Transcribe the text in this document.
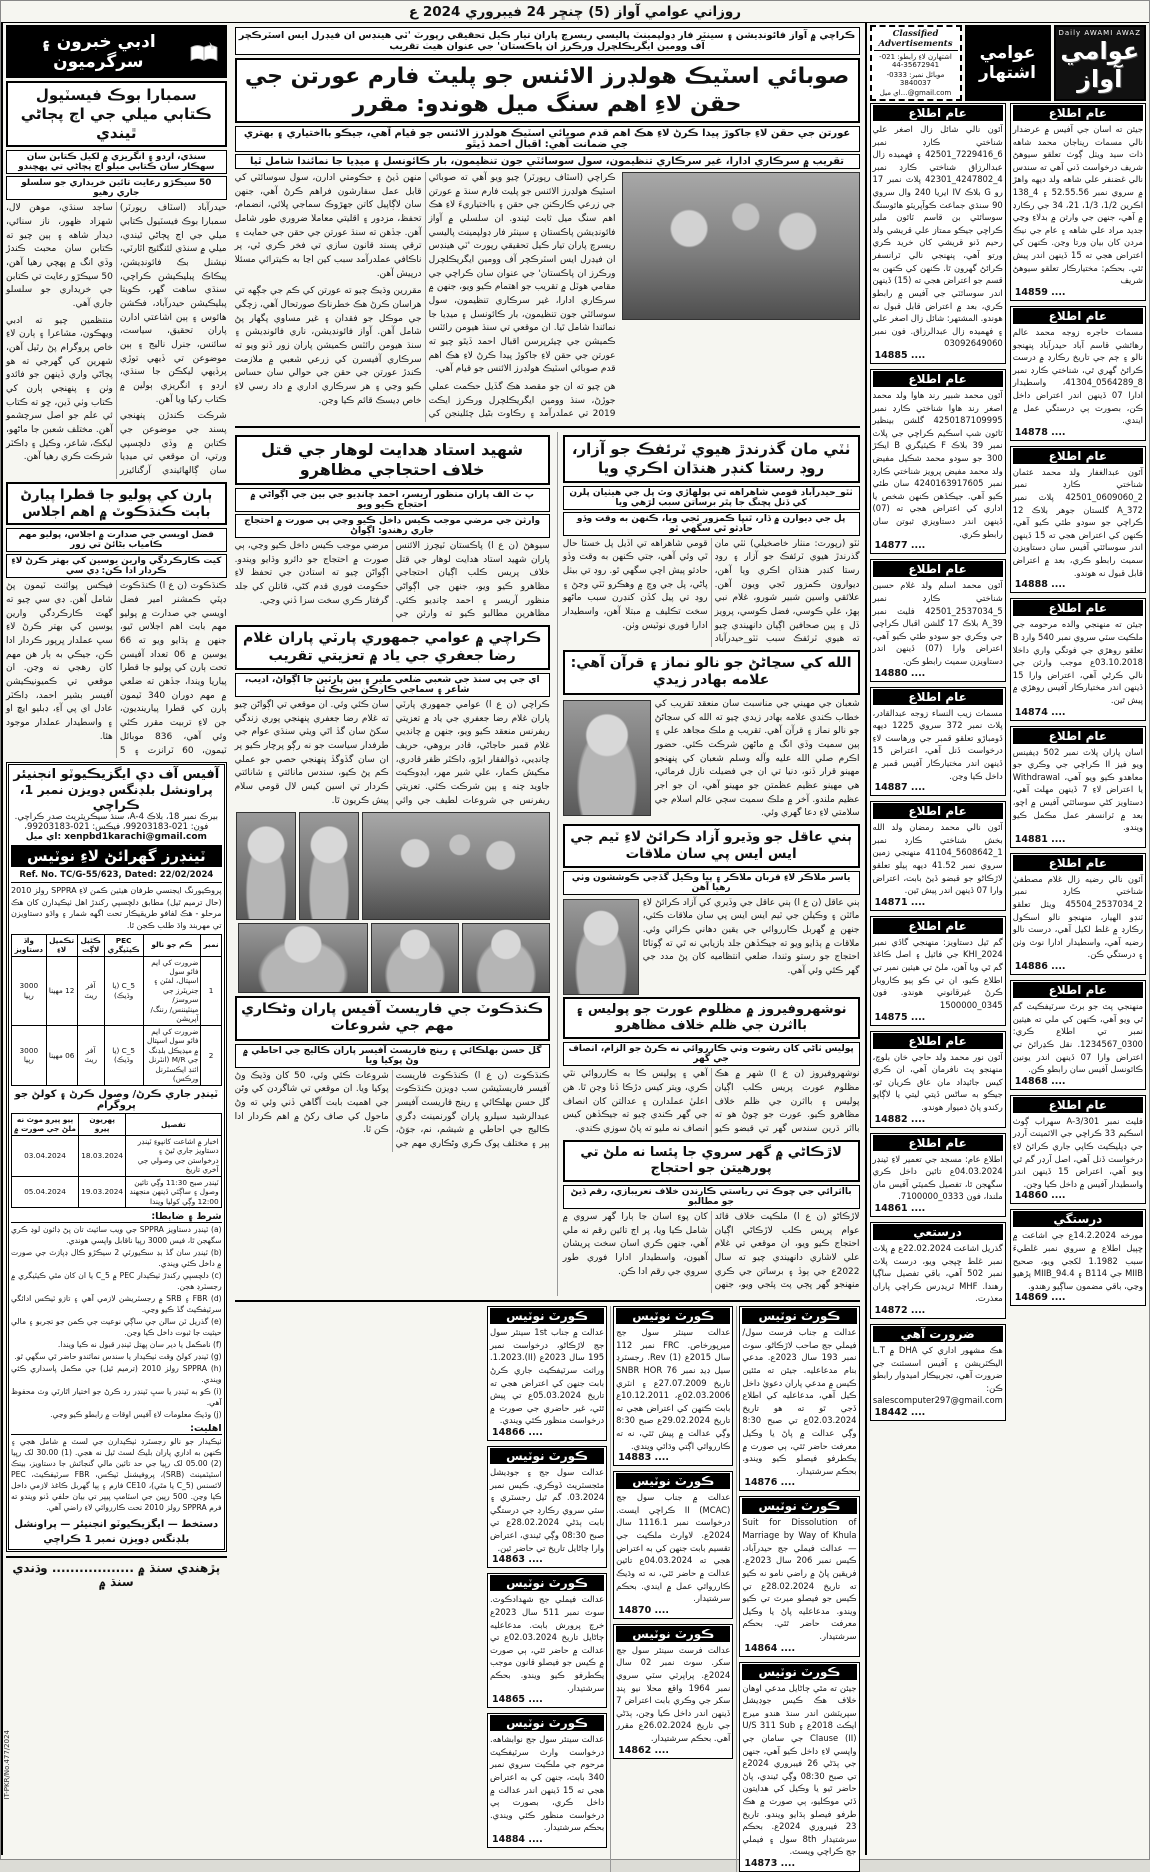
روزاني عوامي آواز (5) چنڇر 24 فيبروري 2024 ع
Daily AWAMI AWAZ
عوامي آواز
عوامي اشتهار
Classified Advertisements
اشتهارن لاءِ رابطو: 021-35672941-44
موبائل نمبر: 0333-3840037
gmail.com@…اي ميل
عام اطلاع
جيئن ته اسان جي آفيس ۾ عرضدار نالي مسمات ريناجان محمد شاهه ذات سيد ويٺل ڳوٺ تعلقو سيوهڻ شريف درخواست ڏني آهي ته سندس نالي غضنفر علي شاهه ولد ديهه واهڙ ۾ سروي نمبر 52.55.56 ۽ 4_138 اڪرين 1/2، 1/3، 21، 34 جي رڪارڊ ۾ آهي، جنهن جي وارثن ۾ بدلاءِ وڃي جديد مراد علي شاهه ۽ عام جي نيڪ مردن کان بيان ورتا وڃن. ڪنهن کي اعتراض هجي ته 15 ڏينهن اندر پيش ٿئي. بحڪم: مختيارڪار تعلقو سيوهڻ شريف
14859 ....
عام اطلاع
مسمات حاجره زوجه محمد عالم رهائشي قاسم آباد حيدرآباد پنهنجو نالو ۽ ڄم جي تاريخ رڪارڊ ۾ درست ڪرائڻ گهري ٿي، شناختي ڪارڊ نمبر 8_0564289_41304، واسطيدار ادارا 07 ڏينهن اندر اعتراض داخل ڪن، بصورت ٻي درستگي عمل ۾ ايندي.
14878 ....
عام اطلاع
آئون عبدالغفار ولد محمد عثمان شناختي ڪارڊ نمبر 2_0609060_42501 پلاٽ نمبر A_372 گلستان جوهر بلاڪ 12 ڪراچي جو سودو طئي ڪيو آهي، ڪنهن کي اعتراض هجي ته 15 ڏينهن اندر سوسائٽي آفيس سان دستاويزن سميت رابطو ڪري، بعد ۾ اعتراض قابل قبول نه هوندو.
14888 ....
عام اطلاع
جيئن ته منهنجي والده مرحومه جي ملڪيت سٽي سروي نمبر 540 وارڊ B تعلقو روهڙي جي فوتگي واري داخلا 03.10.2018ع موجب وارثن جي نالي ڪرڻي آهي، اعتراض وارا 15 ڏينهن اندر مختيارڪار آفيس روهڙي ۾ پيش ٿين.
14874 ....
عام اطلاع
اسان پاران پلاٽ نمبر 502 ڊيفينس ويو فيز II ڪراچي جي وڪري جو معاهدو ڪيو ويو آهي، Withdrawal يا اعتراض لاءِ 7 ڏينهن مهلت آهي، دستاويز کڻي سوسائٽي آفيس ۾ اچو، بعد ۾ ٽرانسفر عمل مڪمل ڪيو ويندو.
14881 ....
عام اطلاع
آئون نالي رضيه زال غلام مصطفيٰ شناختي ڪارڊ نمبر 2_2537034_45504 ويٺل تعلقو ٽنڊو الهيار، منهنجو نالو اسڪول رڪارڊ ۾ غلط لکيل آهي، درست نالو رضيه آهي، واسطيدار ادارا نوٽ وٺن ۽ درستگي ڪن.
14886 ....
عام اطلاع
منهنجي پٽ جو برٿ سرٽيفڪيٽ گم ٿي ويو آهي، ڪنهن کي ملي ته هيٺين نمبر تي اطلاع ڪري: 0300_1234567. نقل ڪڍرائڻ تي اعتراض وارا 07 ڏينهن اندر يونين ڪائونسل آفيس سان رابطو ڪن.
14868 ....
عام اطلاع
فليٽ نمبر 301/A-3 سهراب ڳوٺ اسڪيم 33 ڪراچي جي الاٽمينٽ آرڊر جي ڊپليڪيٽ ڪاپي جاري ڪرائڻ لاءِ درخواست ڏنل آهي، اصل آرڊر گم ٿي ويو آهي، اعتراض 15 ڏينهن اندر واسطيدار آفيس ۾ داخل ڪيا وڃن.
14860 ....
درستگي
مورخه 14.2.2024ع جي اشاعت ۾ ڇپيل اطلاع ۾ سروي نمبر غلطيءَ سبب 1.1982 لکجي ويو، صحيح MIIB جي B114 ۽ MIIB_94.4 پڙهيو وڃي، باقي مضمون ساڳيو رهندو.
14869 ....
عام اطلاع
آئون نالي شائل زال اصغر علي شناختي ڪارڊ نمبر 6_7229416_42501 ۽ فهميده زال عبدالرزاق شناختي ڪارڊ نمبر 4_4247802_42301 پلاٽ نمبر 17 رو G بلاڪ IV ايريا 240 وال سروي 90 سنڌي جماعت ڪوآپريٽو هائوسنگ سوسائٽي بن قاسم ٽائون ملير ڪراچي جيڪو ممتاز علي قريشي ولد رحيم ڏنو قريشي کان خريد ڪري ورتو آهي، پنهنجي نالي ٽرانسفر ڪرائڻ گهرون ٿا. ڪنهن کي ڪنهن به قسم جو اعتراض هجي ته (15) ڏينهن اندر سوسائٽي جي آفيس ۾ رابطو ڪري، بعد ۾ اعتراض قابل قبول نه هوندو. المشتهر: شائل زال اصغر علي ۽ فهميده زال عبدالرزاق. فون نمبر 03092649060
14885 ....
عام اطلاع
آئون محمد شبير رند هاوا ولد محمد اصغر رند هاوا شناختي ڪارڊ نمبر 4250187109995 گلشن بينظير ٽائون شپ اسڪيم ڪراچي جي پلاٽ نمبر 39 بلاڪ F ڪيٽيگري B ايڪڙ 300 جو سودو محمد شڪيل مفيض ولد محمد مفيض پرويز شناختي ڪارڊ نمبر 4240163917605 سان طئي ڪيو آهي. جيڪڏهن ڪنهن شخص يا اداري کي اعتراض هجي ته (07) ڏينهن اندر دستاويزي ثبوتن سان رابطو ڪري.
14877 ....
عام اطلاع
آئون محمد اسلم ولد غلام حسين شناختي ڪارڊ نمبر 5_2537034_42501 فليٽ نمبر A_39 بلاڪ 17 گلشن اقبال ڪراچي جي وڪري جو سودو طئي ڪيو آهي، اعتراض وارا (07) ڏينهن اندر دستاويزن سميت رابطو ڪن.
14880 ....
عام اطلاع
مسمات زيب النساء زوجه عبدالقادر، پلاٽ نمبر 372 سروي 1225 ديهه ڏومباڙو تعلقو قمبر جي ورهاست لاءِ درخواست ڏنل آهي، اعتراض 15 ڏينهن اندر مختيارڪار آفيس قمبر ۾ داخل ڪيا وڃن.
14887 ....
عام اطلاع
آئون نالي محمد رمضان ولد الله بخش شناختي ڪارڊ نمبر 1_5608642_41104 منهنجي زمين سروي نمبر 41.52 ديهه ٻيلو تعلقو لاڙڪاڻو جو قبضو ڏيڻ بابت، اعتراض وارا 07 ڏينهن اندر پيش ٿين.
14871 ....
عام اطلاع
گم ٿيل دستاويز: منهنجي گاڏي نمبر KHI_2024 جي فائيل ۽ اصل ڪاغذ گم ٿي ويا آهن، ملڻ تي هيٺين نمبر تي اطلاع ڪيو، ان تي ڪو ٻيو ڪاروبار ڪرڻ غيرقانوني هوندو. فون 0345_1500000
14875 ....
عام اطلاع
آئون نور محمد ولد حاجي خان بلوچ، منهنجو پٽ نافرمان آهي، ان ڪري کيس جائيداد مان عاق ڪريان ٿو، جيڪو به ساڻس ڏيتي ليتي يا لاڳاپو رکندو پاڻ ذميوار هوندو.
14882 ....
عام اطلاع
اطلاع عام: مسجد جي تعمير لاءِ ٽينڊر 04.03.2024ع تائين داخل ڪري سگهجن ٿا، تفصيل ڪميٽي آفيس مان ملندا، فون 0333_7100000.
14861 ....
درستعي
گذريل اشاعت 22.02.2024ع ۾ پلاٽ نمبر غلط ڇپجي ويو، درست پلاٽ نمبر 502 آهي، باقي تفصيل ساڳيا رهندا. MHF ٽريڊرس ڪراچي پاران معذرت.
14872 ....
ضرورت آهي
هڪ مشهور اداري کي DHA ۾ L.T اليڪٽريشن ۽ آفيس اسسٽنٽ جي ضرورت آهي، تجربيڪار اميدوار رابطو ڪن: salescomputer297@gmail.com
18442 ....
ڪراچي ۾ آواز فائونڊيشن ۽ سينٽر فار ڊولپمينٽ پاليسي ريسرچ پاران تيار ڪيل تحقيقي رپورٽ 'ٽي هينڊس ان فيڊرل ايس اسٽرڪچر آف وومين ايگريڪلچرل ورڪرز ان پاڪستان' جي عنوان هيٺ تقريب
صوبائي اسٽيڪ هولڊرز الائنس جو پليٽ فارم عورتن جي حقن لاءِ اهم سنگ ميل هوندو: مقرر
عورتن جي حقن لاءِ جاکوڙ پيدا ڪرڻ لاءِ هڪ اهم قدم صوبائي اسٽيڪ هولڊرز الائنس جو قيام آهي، جيڪو بااختياري ۽ بهتري جي ضمانت آهي: اقبال احمد ڏيٿو
تقريب ۾ سرڪاري ادارا، غير سرڪاري تنظيمون، سول سوسائٽي جون تنظيمون، بار ڪائونسل ۽ ميڊيا جا نمائندا شامل ٿيا

ڪراچي (اسٽاف رپورٽر) چيو ويو آهي ته صوبائي اسٽيڪ هولڊرز الائنس جو پليٽ فارم سنڌ ۾ عورتن جي زرعي ڪارڪنن جي حقن ۽ بااختياريءَ لاءِ هڪ اهم سنگ ميل ثابت ٿيندو. ان سلسلي ۾ آواز فائونڊيشن پاڪستان ۽ سينٽر فار ڊولپمينٽ پاليسي ريسرچ پاران تيار ڪيل تحقيقي رپورٽ 'ٽي هينڊس ان فيڊرل ايس اسٽرڪچر آف وومين ايگريڪلچرل ورڪرز ان پاڪستان' جي عنوان سان ڪراچي جي مقامي هوٽل ۾ تقريب جو اهتمام ڪيو ويو، جنهن ۾ سرڪاري ادارا، غير سرڪاري تنظيمون، سول سوسائٽي جون تنظيمون، بار ڪائونسل ۽ ميڊيا جا نمائندا شامل ٿيا. ان موقعي تي سنڌ هيومن رائٽس ڪميشن جي چيئرپرسن اقبال احمد ڏيٿو چيو ته عورتن جي حقن لاءِ جاکوڙ پيدا ڪرڻ لاءِ هڪ اهم قدم صوبائي اسٽيڪ هولڊرز الائنس جو قيام آهي.

هن چيو ته ان جو مقصد هڪ گڏيل حڪمت عملي جوڙڻ، سنڌ وومين ايگريڪلچرل ورڪرز ايڪٽ 2019 تي عملدرآمد ۽ رڪاوٽ بڻيل چئلينجن کي منهن ڏيڻ ۽ حڪومتي ادارن، سول سوسائٽي کي قابل عمل سفارشون فراهم ڪرڻ آهي، جنهن سان لاڳاپيل کاتن جهڙوڪ سماجي ڀلائي، انضمام، تحفظ، مزدور ۽ اقليتي معاملا ضروري طور شامل آهن. جڏهن ته سنڌ عورتن جي حقن جي حمايت ۽ ترقي پسند قانون سازي تي فخر ڪري ٿي، پر ناڪافي عملدرآمد سبب کين اڃا به ڪيترائي مسئلا درپيش آهن.

مقررين وڌيڪ چيو ته عورتن کي ڪم جي جڳهه تي هراسان ڪرڻ هڪ خطرناڪ صورتحال آهي، زچگي جي موڪل جو فقدان ۽ غير مساوي پگهار پڻ شامل آهن. آواز فائونڊيشن، ناري فائونڊيشن ۽ سنڌ هيومن رائٽس ڪميشن پاران زور ڏنو ويو ته سرڪاري آفيسرن کي زرعي شعبي ۾ ملازمت ڪندڙ عورتن جي حقن جي حوالي سان حساس ڪيو وڃي ۽ هر سرڪاري اداري ۾ داد رسي لاءِ خاص ڊيسڪ قائم ڪيا وڃن.

ٺٽي مان گذرندڙ هيوي ٽرئفڪ جو آزار، روڊ رستا کنڊر هنڌان اڪري ويا
ٺٽو_حيدرآباد قومي شاهراهه تي ٻولهاڙي وٽ پل جي هيٺيان پلرن کي ڏنل پچنگ جا پٿر برساتن سبب لڙهي ويا
پل جي ديوارن ۾ ڏار، ٿنڀا ڪمزور ٿجي ويا، ڪنهن به وقت وڏو حادثو ٿي سگهي ٿو
ٺٽو (رپورٽ: منٺار خاصخيلي) ٺٽي مان گذرندڙ هيوي ٽرئفڪ جو آزار ۽ روڊ رستا کنڊر هنڌان اڪري ويا آهن، ديوارون ڪمزور ٿجي ويون آهن. علائقي واسين شبير شورو، غلام نبي ٻهڙ، علي ڪوسي، فضل ڪوسي، پرويز ڏل ۽ ٻين صحافين اڳيان دانهيندي چيو ته هيوي ٽرئفڪ سبب ٺٽو_حيدرآباد قومي شاهراهه تي اڏيل پل خستا حال ٿي وئي آهي، جتي ڪنهن به وقت وڏو حادثو پيش اچي سگهي ٿو. روڊ تي بيٺل پاڻي، پل جي وچ ۾ وهڪرو ٽٽي وڃڻ ۽ روڊ تي پيل کڏن کنڊرن سبب ماڻهو سخت تڪليف ۾ مبتلا آهن، واسطيدار ادارا فوري نوٽيس وٺن.
الله کي سڃاڻڻ جو نالو نماز ۽ قرآن آهي: علامه بهادر زيدي
شعبان جي مهيني جي مناسبت سان منعقد تقريب کي خطاب ڪندي علامه بهادر زيدي چيو ته الله کي سڃاڻڻ جو نالو نماز ۽ قرآن آهي. تقريب ۾ ملڪ مجاهد علي ۽ ٻين سميت وڏي انگ ۾ ماڻهن شرڪت ڪئي. حضور اڪرم صلي الله عليه وآله وسلم شعبان کي پنهنجو مهينو قرار ڏنو، دنيا تي ان جي فضيلت نازل فرمائي، هي مهينو عظيم عظمتن جو مهينو آهي، ان جو اجر عظيم ملندو. آخر ۾ ملڪ سميت سڄي عالم اسلام جي سلامتي لاءِ دعا گهري وئي.
ٻني عاقل جو وڏيرو آزاد ڪرائڻ لاءِ ٽيم جي ايس ايس پي سان ملاقات
ياسر ملاڪر لاءِ قربان ملاڪر ۽ ٻيا وڪيل گڏجي ڪوششون وٺي رهيا آهن
ٻني عاقل (ن ع ا) ٻني عاقل جي وڏيري کي آزاد ڪرائڻ لاءِ مائٽن ۽ وڪيلن جي ٽيم ايس ايس پي سان ملاقات ڪئي، جنهن ۾ گهربل ڪارروائي جي يقين دهاني ڪرائي وئي. ملاقات ۾ ٻڌايو ويو ته جيڪڏهن جلد بازيابي نه ٿي ته ڳوٺاڻا احتجاج جو رستو وٺندا، ضلعي انتظاميه کان پڻ مدد جي گهر ڪئي وئي آهي.
نوشهروفيروز ۾ مظلوم عورت جو پوليس ۽ بااثرن جي ظلم خلاف مظاهرو
پوليس ٺاڻي کان رشوت وٺي ڪارروائي نه ڪرڻ جو الزام، انصاف جي گهر
نوشهروفيروز (ن ع ا) شهر ۾ هڪ مظلوم عورت پريس ڪلب اڳيان پوليس ۽ بااثرن جي ظلم خلاف مظاهرو ڪيو. عورت جو چوڻ هو ته بااثر ڌرين سندس گهر تي قبضو ڪيو آهي ۽ پوليس ڪا به ڪارروائي نٿي ڪري، ويتر کيس دڙڪا ڏنا وڃن ٿا. هن اعليٰ عملدارن ۽ عدالتن کان انصاف جي گهر ڪندي چيو ته جيڪڏهن کيس انصاف نه مليو ته پاڻ سوزي ڪندي.
لاڙڪاڻي ۾ گهر سروي جا پئسا نه ملڻ تي پورهيتن جو احتجاج
بااثرائي جي چوڪ تي رياستي ڪارندن خلاف نعريبازي، رقم ڏيڻ جو مطالبو
لاڙڪاڻو (ن ع ا) ملڪيت خلاف قائد عوام پريس ڪلب لاڙڪاڻي اڳيان احتجاج ڪيو ويو، ان موقعي تي غلام علي لاشاري دانهيندي چيو ته سال 2022ع جي ٻوڏ ۽ برساتن جي ڪري منهنجو گهر ڀڄي پٽ پئجي ويو، جنهن کان پوءِ اسان جا ٻارا گهر سروي ۾ شامل ڪيا ويا، پر اڄ تائين رقم نه ملي آهي، جنهن ڪري اسان سخت پريشان آهيون، واسطيدار ادارا فوري طور سروي جي رقم ادا ڪن.
شهيد استاد هدايت لوهار جي قتل خلاف احتجاجي مظاهرو
پ ٽ الف پاران منظور آريسر، احمد چانڊيو جي بين جي اڳواڻي ۾ احتجاج ڪيو ويو
وارثن جي مرضي موجب ڪيس داخل ڪيو وڃي ٻي صورت ۾ احتجاج جاري رهندو: اڳواڻ
سيوهڻ (ن ع ا) پاڪستان ٽيچرز الائنس پاران شهيد استاد هدايت لوهار جي قتل خلاف پريس ڪلب اڳيان احتجاجي مظاهرو ڪيو ويو، جنهن جي اڳواڻي منظور آريسر ۽ احمد چانڊيو ڪئي. مظاهرين مطالبو ڪيو ته وارثن جي مرضي موجب ڪيس داخل ڪيو وڃي، ٻي صورت ۾ احتجاج جو دائرو وڌايو ويندو. اڳواڻن چيو ته استادن جي تحفظ لاءِ حڪومت فوري قدم کڻي، قاتلن کي جلد گرفتار ڪري سخت سزا ڏني وڃي.
ڪراچي ۾ عوامي جمهوري پارٽي پاران غلام رضا جعفري جي ياد ۾ تعزيتي تقريب
اي جي پي سنڌ جي شعبي ضلعي ملير ۽ ٻين پارٽين جا اڳواڻ، اديب، شاعر ۽ سماجي ڪارڪن شريڪ ٿيا
ڪراچي (ن ع ا) عوامي جمهوري پارٽي پاران غلام رضا جعفري جي ياد ۾ تعزيتي ريفرنس منعقد ڪيو ويو، جنهن ۾ چانڊيي غلام قمبر حاجاڻي، قادر بروهي، حريف چانڊيي، ذوالفقار ابڙو، ڊاڪٽر ظفر قادري، مڪيش ڪمار، علي شير مهر، ايڊوڪيٽ جاويد چنه ۽ ٻين شرڪت ڪئي. تعزيتي ريفرنس جي شروعات لطيف جي وائي سان ڪئي وئي. ان موقعي تي اڳواڻن چيو ته غلام رضا جعفري پنهنجي پوري زندگي سکڻ سان گڏ اٿي ويٺي سنڌي عوام جي طرفدار سياست جو نه رڳو پرچار ڪيو پر ان سان گڏوگڏ پنهنجي حصي جو عملي ڪم پڻ ڪيو، سندس مانائتي ۽ شانائتي ڪردار تي اسين کيس لال قومي سلام پيش ڪريون ٿا.
ڪنڌڪوٽ جي فاريسٽ آفيس پاران وڻڪاري مهم جي شروعات
گل حسن بهلڪائي ۽ رينج فاريسٽ آفيسر پاران ڪاليج جي احاطي ۾ وڻ پوکيا ويا
ڪنڌڪوٽ (ن ع ا) ڪنڌڪوٽ فاريسٽ آفيسر فاريسٽيشن سب ڊويزن ڪنڌڪوٽ گل حسن بهلڪائي ۽ رينج فاريسٽ آفيسر عبدالرشيد سيلرو پاران گورنمينٽ ڊگري ڪاليج جي احاطي ۾ شيشم، نم، جوَڻ، ٻٻر ۽ مختلف پوک ڪري وڻڪاري مهم جي شروعات ڪئي وئي، 50 کان وڌيڪ وڻ پوکيا ويا. ان موقعي تي شاگردن کي وڻن جي اهميت بابت آگاهي ڏني وئي ته وڻ ماحول کي صاف رکڻ ۾ اهم ڪردار ادا ڪن ٿا.
ڪورٽ نوٽيس
عدالت ۾ جناب فرسٽ سول/ فيملي جج صاحب لاڙڪاڻو. سوٽ نمبر 193 سال 2023ع. مدعي بنام مدعاعليه. جيئن ته مٿئين ڪيس ۾ مدعي پاران دعويٰ داخل ڪيل آهي، مدعاعليه کي اطلاع ڏجي ٿو ته هو تاريخ 02.03.2024ع تي صبح 8:30 وڳي عدالت ۾ پاڻ يا وڪيل معرفت حاضر ٿئي، ٻي صورت ۾ يڪطرفو فيصلو ڪيو ويندو. بحڪم سرشتيدار.
14876 ....
ڪورٽ نوٽيس
Suit for Dissolution of Marriage by Way of Khula — عدالت فيملي جج حيدرآباد، ڪيس نمبر 206 سال 2023ع. فريقين پاڻ ۾ راضي نامو نه ڪيو ته تاريخ 28.02.2024ع تي ڪيس جو فيصلو ميرٽ تي ڪيو ويندو. مدعاعليه پاڻ يا وڪيل معرفت حاضر ٿئي. بحڪم سرشتيدار.
14864 ....
ڪورٽ نوٽيس
جيئن ته مٿي ڄاڻايل مدعي اوهان خلاف هڪ ڪيس جوڊيشل سپريٽشن اندر سنڌ هندو ميرج ايڪٽ 2018ع ۽ U/S 311 Sub Clause (II) جي سامان جي واپسي لاءِ داخل ڪيو آهي، جنهن جي ٻڌڻي 26 فيبروري 2024ع تي صبح 08:30 وڳي ٿيندي، پاڻ حاضر ٿيو يا وڪيل کي هدايتون ڏئي موڪليو، ٻي صورت ۾ هڪ طرفو فيصلو ٻڌايو ويندو. تاريخ 23 فيبروري 2024ع. بحڪم سرشتيدار 8th سول ۽ فيملي جج ڪراچي ويسٽ.
14873 ....
ڪورٽ نوٽيس
عدالت سينئر سول جج ميرپورخاص. FRC نمبر 112 سال 2015ع Rev (1). رجسٽرڊ سيل ڊيڊ نمبر SNBR HOR 76 تاريخ 27.07.2009ع ۽ انٽري 02.03.2006ع، 10.12.2011ع بابت ڪنهن کي اعتراض هجي ته تاريخ 29.02.2024ع صبح 8:30 وڳي عدالت ۾ پيش ٿئي، نه ته ڪارروائي اڳتي وڌائي ويندي.
14883 ....
ڪورٽ نوٽيس
عدالت ۾ جناب سول جج (MCAC) II ڪراچي ايسٽ. درخواست نمبر 1116.1 سال 2024ع. لاوارث ملڪيت جي تقسيم بابت جنهن کي به اعتراض هجي ته 04.03.2024ع تائين عدالت ۾ حاضر ٿئي، نه ته وڌيڪ ڪارروائي عمل ۾ ايندي. بحڪم سرشتيدار.
14870 ....
ڪورٽ نوٽيس
عدالت فرسٽ سينئر سول جج سکر. سوٽ نمبر 02 سال 2024ع. پراپرٽي سٽي سروي نمبر 1964 واقع محلا نيو پنڊ سکر جي وڪري بابت اعتراض 7 ڏينهن اندر داخل ڪيا وڃن، ٻڌڻي جي تاريخ 26.02.2024ع مقرر آهي. بحڪم سرشتيدار.
14862 ....
ڪورٽ نوٽيس
عدالت ۾ جناب 1st سينئر سول جج لاڙڪاڻو، درخواست نمبر 195 سال 2023ع (II).1.2023. وراثت سرٽيفڪيٽ جاري ڪرڻ بابت جنهن کي اعتراض هجي ته تاريخ 05.03.2024ع تي پيش ٿئي، غير حاضري جي صورت ۾ درخواست منظور ڪئي ويندي.
14866 ....
ڪورٽ نوٽيس
عدالت سول جج ۽ جوڊيشل مئجسٽريٽ ڏوڪري. ڪيس نمبر 03.2024. گم ٿيل رجسٽري ۽ سٽي سروي رڪارڊ جي درستگي بابت ٻڌڻي 28.02.2024ع تي صبح 08:30 وڳي ٿيندي، اعتراض وارا ڄاڻايل تاريخ تي حاضر ٿين.
14863 ....
ڪورٽ نوٽيس
عدالت فيملي جج شهدادڪوٽ. سوٽ نمبر 511 سال 2023ع خرچ پرورش بابت. مدعاعليه ڄاڻايل تاريخ 02.03.2024ع تي عدالت ۾ حاضر ٿئي، ٻي صورت ۾ ڪيس جو فيصلو قانون موجب يڪطرفو ڪيو ويندو. بحڪم سرشتيدار.
14865 ....
ڪورٽ نوٽيس
عدالت سينئر سول جج نوابشاهه. درخواست وارث سرٽيفڪيٽ مرحوم جي ملڪيت سروي نمبر 340 بابت، جنهن کي به اعتراض هجي ته 15 ڏينهن اندر عدالت ۾ داخل ڪري، بصورت ٻي درخواست منظور ڪئي ويندي. بحڪم سرشتيدار.
14884 ....
ادبي خبرون ۽ سرگرميون
سمبارا بوڪ فيسٽيول ڪتابي ميلي جي اڄ پڄاڻي ٿيندي
سنڌي، اردو ۽ انگريزي ۾ لکيل ڪتابن سان سهڪار سان ڪتابي ميلو اڄ پڄاڻي تي پهچندو
50 سيڪڙو رعايت تائين خريداري جو سلسلو جاري رهيو

حيدرآباد (اسٽاف رپورٽر) سمبارا بوڪ فيسٽيول ڪتابي ميلي جي اڄ پڄاڻي ٿيندي، ميلي ۾ سنڌي لئنگئيج اٿارٽي، نيشنل بڪ فائونڊيشن، پيڪاڪ پبليڪيشن ڪراچي، سنڌي ساهت گهر، ڪويتا پبليڪيشن حيدرآباد، فڪشن هائوس ۽ ٻين اشاعتي ادارن پاران تحقيق، سياست، سائنس، جنرل ناليج ۽ ٻين موضوعن تي ڏيهي توڙي پرڏيهي ليکڪن جا سنڌي، اردو ۽ انگريزي ٻولين ۾ ڪتاب رکيا ويا آهن.

شرڪت ڪندڙن پنهنجي پسند جي موضوعن جي ڪتابن ۾ وڏي دلچسپي ورتي، ان موقعي تي ميڊيا سان ڳالهائيندي آرگنائيزر ساجد سنڌي، موهن لال، شهزاد ظهور، ناز سنائي، ديدار شاهه ۽ ٻين چيو ته ڪتابن سان محبت ڪندڙ وڏي انگ ۾ پهچي رهيا آهن، 50 سيڪڙو رعايت تي ڪتابن جي خريداري جو سلسلو جاري آهي.

منتظمين چيو ته ادبي ويهڪون، مشاعرا ۽ ٻارن لاءِ خاص پروگرام پڻ رٿيل آهن، شهرين کي گهرجي ته هو پڄاڻي واري ڏينهن جو فائدو وٺن ۽ پنهنجي ٻارن کي ڪتاب وٺي ڏين، ڇو ته ڪتاب ئي علم جو اصل سرچشمو آهن. مختلف شعبن جا ماڻهو، ليکڪ، شاعر، وڪيل ۽ ڊاڪٽر شرڪت ڪري رهيا آهن.

ٻارن کي پوليو جا قطرا پيارڻ بابت ڪنڌڪوٽ ۾ اهم اجلاس
فضل اويسي جي صدارت ۾ اجلاس، پوليو مهم ڪامياب بڻائڻ تي زور
کيت ڪارڪردگي وارين يوسين کي بهتر ڪرڻ لاءِ ڪردار ادا ڪن: ڊي سي
ڪنڌڪوٽ (ن ع ا) ڪنڌڪوٽ ڊپٽي ڪمشنر امير فضل اويسي جي صدارت ۾ پوليو مهم بابت اهم اجلاس ٿيو، جنهن ۾ ٻڌايو ويو ته 66 يوسين ۾ 06 تعداد آفيسن تحت ٻارن کي پوليو جا قطرا پياريا ويندا، جڏهن ته ضلعي ۾ مهم دوران 340 ٽيمون ٻارن کي قطرا پيارينديون، جن لاءِ تربيت مقرر ڪئي وئي آهي، 836 موبائل ٽيمون، 60 ٽرانزٽ ۽ 5 فيڪس پوائنٽ ٽيمون پڻ شامل آهن. ڊي سي چيو ته گهٽ ڪارڪردگي وارين يوسين کي بهتر ڪرڻ لاءِ سڀ عملدار ڀرپور ڪردار ادا ڪن، جيڪي به ٻار هن مهم کان رهجي نه وڃن. ان موقعي تي ڪميونيڪيشن آفيسر بشير احمد، ڊاڪٽر عادل اي پي آءِ، ڊبليو ايڇ او ۽ واسطيدار عملدار موجود هئا.
آفيس آف دي ايگزيڪيوٽو انجنيئر
پراونشل بلڊنگس ڊويزن نمبر 1، ڪراچي
بيرڪ نمبر 18، بلاڪ 4-A، سنڌ سيڪريٽريٽ صدر ڪراچي.
فون: 021-99203183، فيڪس: 021-99203183،
اي ميل: xenpbd1karachi@gmail.com
ٽينڊرز گهرائڻ لاءِ نوٽيس
Ref. No. TC/G-55/623, Dated: 22/02/2024
پروڪيورنگ ايجنسي طرفان هيٺين ڪمن لاءِ SPPRA رولز 2010 (حال ترميم ٿيل) مطابق دلچسپي رکندڙ اهل ٺيڪيدارن کان هڪ مرحلو - هڪ لفافو طريقيڪار تحت اگهه شمار ۽ واڌو دستاويزن تي مهربند واڌ طلب ڪجن ٿا.
نمبر	ڪم جو نالو	PEC ڪيٽيگري	ڪٿيل لاڳت	تڪميل لاءِ	واڌ دستاويز
1	ضرورت کي ايم فائو سول اسپتال، لفٽن ۽ جنريٽرز جي سروسز/ مينٽيننس/ رننگ/ آپريشن	C_5 (يا وڌيڪ)	آفر ريٽ	12 مهينا	3000 رپيا
2	ضرورت کي ايم فائو سول اسپتال ۾ ميڊيڪل بلڊنگ جي M/R (انٽرنل ائنڊ ايڪسٽرنل ورڪس)	C_5 (يا وڌيڪ)	آفر ريٽ	06 مهينا	3000 رپيا
ٽينڊر جاري ڪرڻ/ وصول ڪرڻ ۽ کولڻ جو پروگرام
تفصيل	پهريون پيرو	ٻيو پيرو موٽ نه ملڻ جي صورت ۾
اخبار ۾ اشاعت کانپوءِ ٽينڊر دستاويز جاري ٿيڻ ۽ درخواستن جي وصولي جي آخري تاريخ	18.03.2024	03.04.2024
ٽينڊر صبح 11:30 وڳي تائين وصول ۽ ساڳئي ڏينهن منجهند 12:00 وڳي کوليا ويندا	19.03.2024	05.04.2024
شرط ۽ ضابطا:

(a) ٽينڊر دستاويز SPPRA جي ويب سائيٽ تان پڻ ڊائون لوڊ ڪري سگهجن ٿا، فيس 3000 رپيا ناقابل واپسي هوندي.

(b) ٽينڊر سان گڏ بڊ سڪيورٽي 2 سيڪڙو ڪال ڊپازٽ جي صورت ۾ داخل ڪئي ويندي.

(c) دلچسپي رکندڙ ٺيڪيدار PEC ۾ C_5 يا ان کان مٿي ڪيٽيگري ۾ رجسٽرڊ هجن.

(d) FBR ۽ SRB ۾ رجسٽريشن لازمي آهي ۽ تازو ٽيڪس ادائگي سرٽيفڪيٽ گڏ ڪيو وڃي.

(e) گذريل ٽن سالن جي ساڳي نوعيت جي ڪمن جو تجربو ۽ مالي حيثيت جا ثبوت داخل ڪيا وڃن.

(f) نامڪمل يا دير سان پهتل ٽينڊر قبول نه ڪيا ويندا.

(g) ٽينڊر کولڻ وقت ٺيڪيدار يا سندس نمائندو حاضر ٿي سگهي ٿو.

(h) SPPRA رولز 2010 (ترميم ٿيل) جي مڪمل پاسداري ڪئي ويندي.

(i) ڪو به ٽينڊر يا سڀ ٽينڊر رد ڪرڻ جو اختيار اٿارٽي وٽ محفوظ آهي.

(j) وڌيڪ معلومات لاءِ آفيس اوقات ۾ رابطو ڪيو وڃي.

اهليت:

ٺيڪيدار جو نالو رجسٽرڊ ٺيڪيدارن جي لسٽ ۾ شامل هجي ۽ ڪنهن به اداري پاران بليڪ لسٽ ٿيل نه هجي. (1) 30.00 لک رپيا (2) 05.00 لک رپيا جي حد تائين مالي گنجائش جا دستاويز، بينڪ اسٽيٽمينٽ (SRB)، پروفيشنل ٽيڪس، FBR سرٽيفڪيٽ، PEC لائسنس (C_5 يا مٿي)، CE10 فارم ۽ ٻيا گهربل ڪاغذ لازمي داخل ڪيا وڃن. 500 رپين جي اسٽامپ پيپر تي بيان حلفي ڏنو ويندو ته فرم SPPRA رولز 2010 تحت ڪارروائي لاءِ راضي آهي.

دستخط — ايگزيڪيوٽو انجنيئر — پراونشل بلڊنگس ڊويزن نمبر 1 ڪراچي
پڙهندي سنڌ ۾ .................. وڌندي سنڌ ۾
IT-PKR/No.477/2024
